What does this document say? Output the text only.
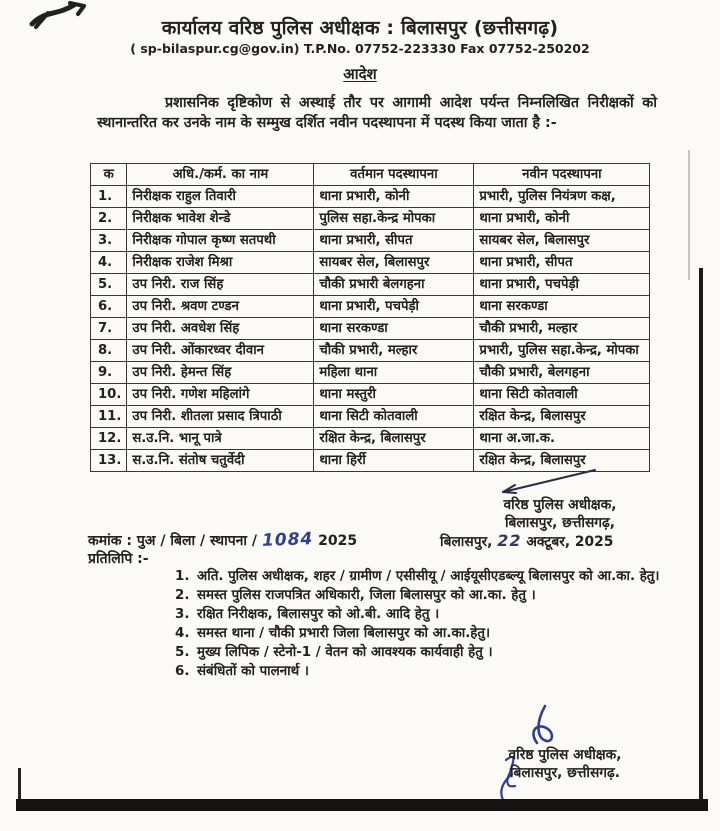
कार्यालय वरिष्ठ पुलिस अधीक्षक : बिलासपुर (छत्तीसगढ़)
( sp-bilaspur.cg@gov.in) T.P.No. 07752-223330 Fax 07752-250202
आदेश
प्रशासनिक दृष्टिकोण से अस्थाई तौर पर आगामी आदेश पर्यन्त निम्नलिखित निरीक्षकों को स्थानान्तरित कर उनके नाम के सम्मुख दर्शित नवीन पदस्थापना में पदस्थ किया जाता है :-
क	अधि./कर्म. का नाम	वर्तमान पदस्थापना	नवीन पदस्थापना
1.	निरीक्षक राहुल तिवारी	थाना प्रभारी, कोनी	प्रभारी, पुलिस नियंत्रण कक्ष,
2.	निरीक्षक भावेश शेन्डे	पुलिस सहा.केन्द्र मोपका	थाना प्रभारी, कोनी
3.	निरीक्षक गोपाल कृष्ण सतपथी	थाना प्रभारी, सीपत	सायबर सेल, बिलासपुर
4.	निरीक्षक राजेश मिश्रा	सायबर सेल, बिलासपुर	थाना प्रभारी, सीपत
5.	उप निरी. राज सिंह	चौकी प्रभारी बेलगहना	थाना प्रभारी, पचपेड़ी
6.	उप निरी. श्रवण टण्डन	थाना प्रभारी, पचपेड़ी	थाना सरकण्डा
7.	उप निरी. अवधेश सिंह	थाना सरकण्डा	चौकी प्रभारी, मल्हार
8.	उप निरी. ओंकारध्वर दीवान	चौकी प्रभारी, मल्हार	प्रभारी, पुलिस सहा.केन्द्र, मोपका
9.	उप निरी. हेमन्त सिंह	महिला थाना	चौकी प्रभारी, बेलगहना
10.	उप निरी. गणेश महिलांगे	थाना मस्तुरी	थाना सिटी कोतवाली
11.	उप निरी. शीतला प्रसाद त्रिपाठी	थाना सिटी कोतवाली	रक्षित केन्द्र, बिलासपुर
12.	स.उ.नि. भानू पात्रे	रक्षित केन्द्र, बिलासपुर	थाना अ.जा.क.
13.	स.उ.नि. संतोष चतुर्वेदी	थाना हिर्री	रक्षित केन्द्र, बिलासपुर
वरिष्ठ पुलिस अधीक्षक,
बिलासपुर, छत्तीसगढ़,
बिलासपुर, 22 अक्टूबर, 2025
कमांक : पुअ / बिला / स्थापना / 1084 2025
प्रतिलिपि :-
1. अति. पुलिस अधीक्षक, शहर / ग्रामीण / एसीसीयू / आईयूसीएडब्ल्यू बिलासपुर को आ.का. हेतु।
2. समस्त पुलिस राजपत्रित अधिकारी, जिला बिलासपुर को आ.का. हेतु ।
3. रक्षित निरीक्षक, बिलासपुर को ओ.बी. आदि हेतु ।
4. समस्त थाना / चौकी प्रभारी जिला बिलासपुर को आ.का.हेतु।
5. मुख्य लिपिक / स्टेनो-1 / वेतन को आवश्यक कार्यवाही हेतु ।
6. संबंधितों को पालनार्थ ।
वरिष्ठ पुलिस अधीक्षक,
बिलासपुर, छत्तीसगढ़.
